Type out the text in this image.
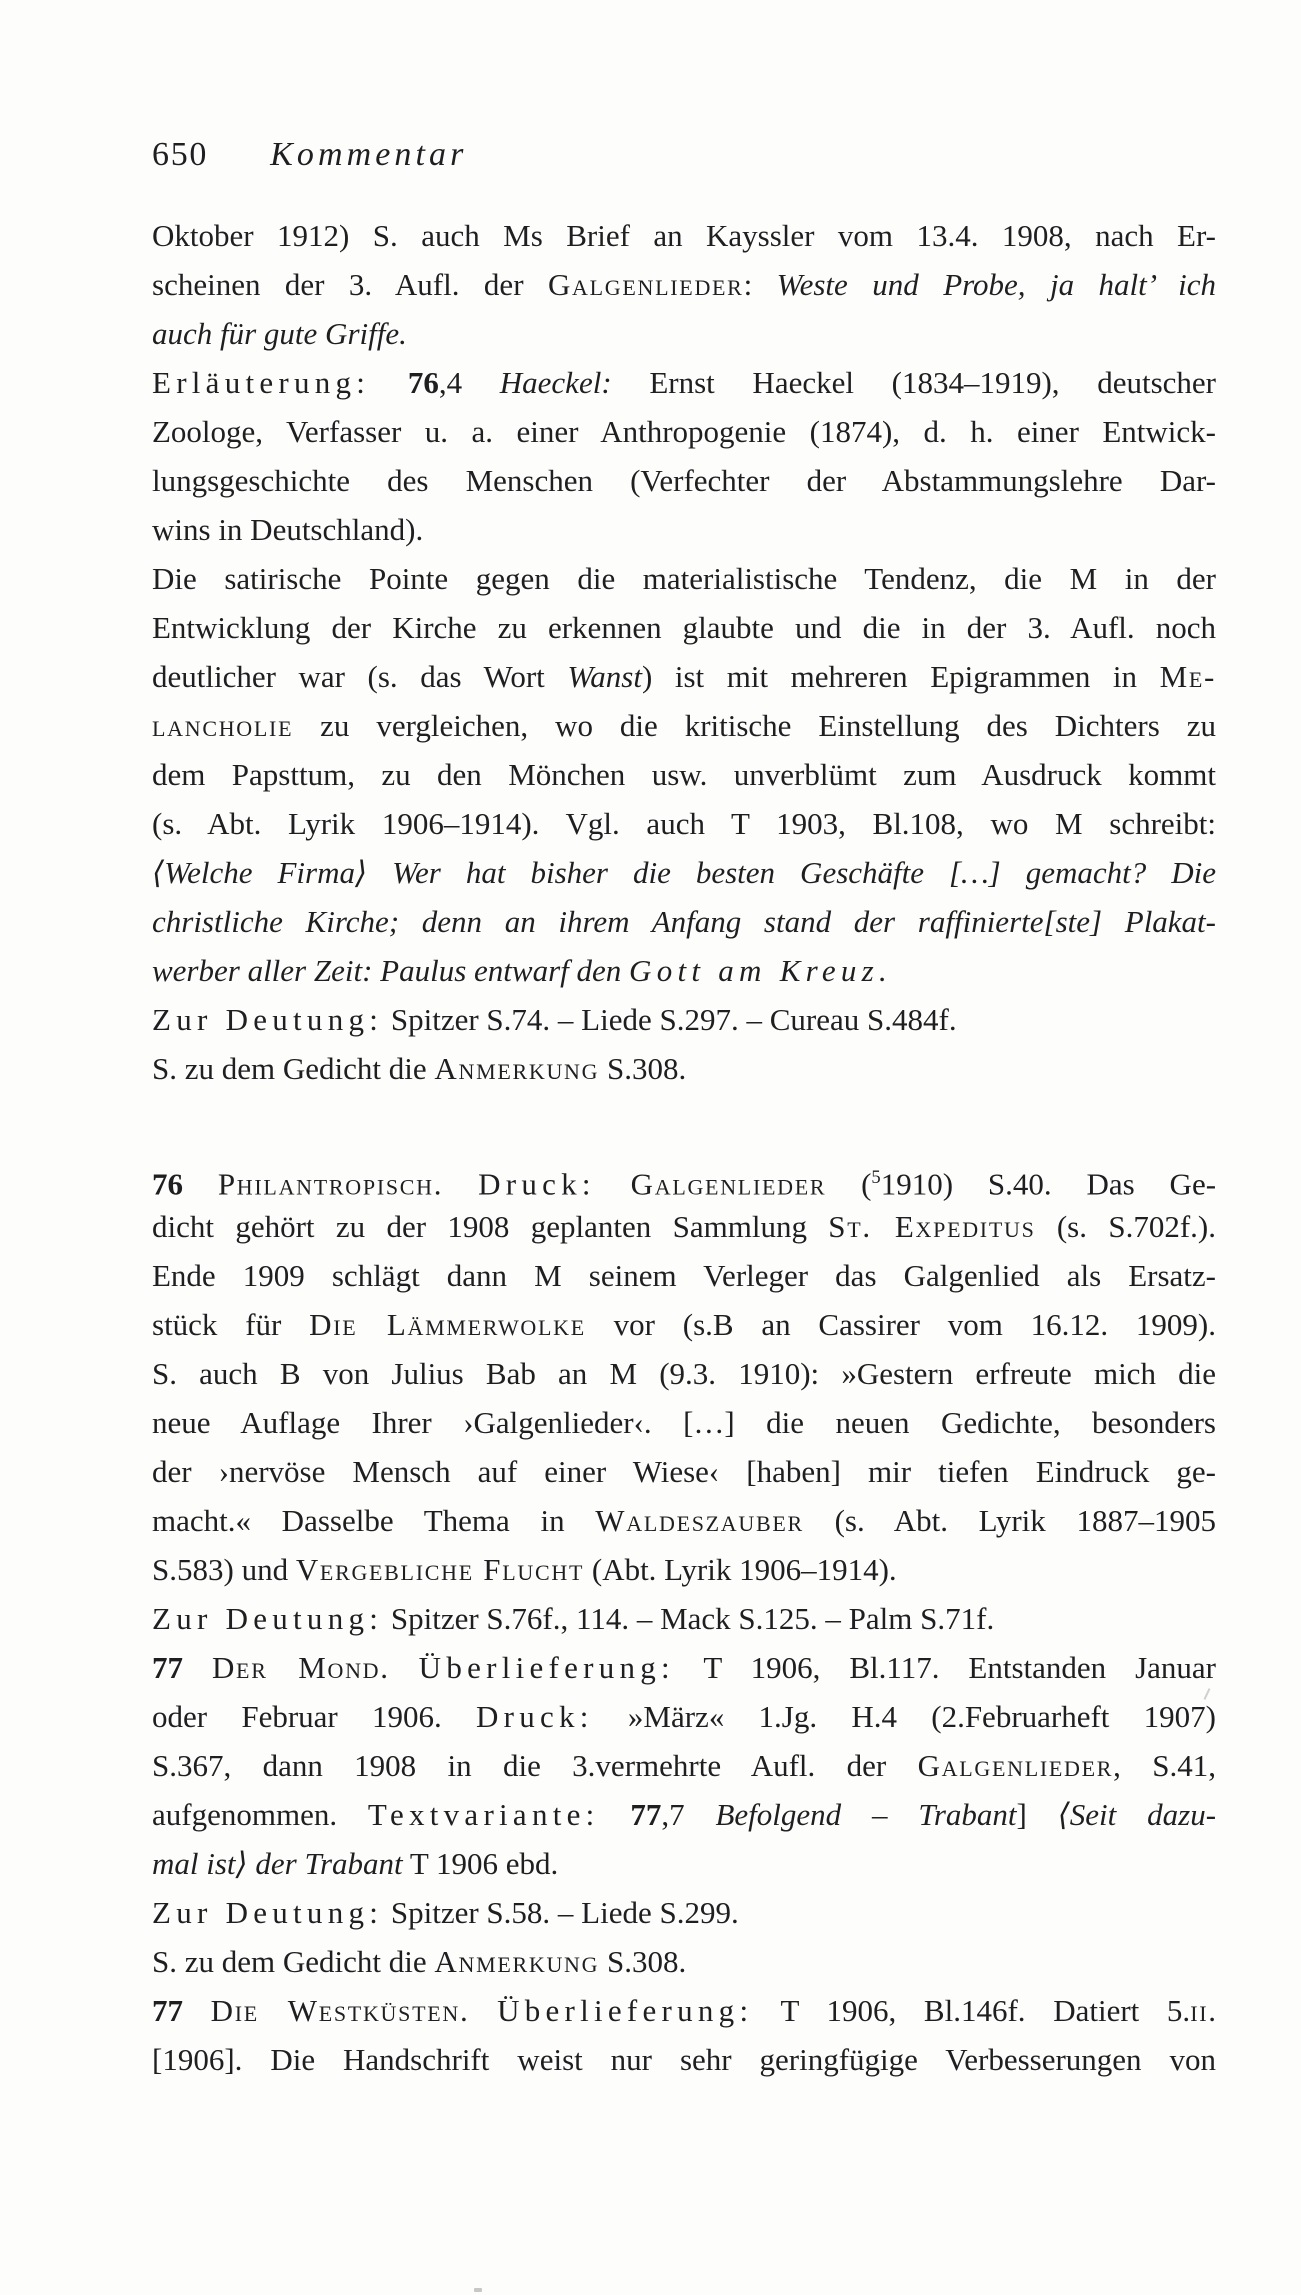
650 Kommentar
Oktober 1912) S. auch Ms Brief an Kayssler vom 13.4. 1908, nach Er-
scheinen der 3. Aufl. der Galgenlieder: Weste und Probe, ja halt’ ich
auch für gute Griffe.
Erläuterung: 76,4 Haeckel: Ernst Haeckel (1834–1919), deutscher
Zoologe, Verfasser u. a. einer Anthropogenie (1874), d. h. einer Entwick-
lungsgeschichte des Menschen (Verfechter der Abstammungslehre Dar-
wins in Deutschland).
Die satirische Pointe gegen die materialistische Tendenz, die M in der
Entwicklung der Kirche zu erkennen glaubte und die in der 3. Aufl. noch
deutlicher war (s. das Wort Wanst) ist mit mehreren Epigrammen in Me-
lancholie zu vergleichen, wo die kritische Einstellung des Dichters zu
dem Papsttum, zu den Mönchen usw. unverblümt zum Ausdruck kommt
(s. Abt. Lyrik 1906–1914). Vgl. auch T 1903, Bl.108, wo M schreibt:
⟨Welche Firma⟩ Wer hat bisher die besten Geschäfte […] gemacht? Die
christliche Kirche; denn an ihrem Anfang stand der raffinierte[ste] Plakat-
werber aller Zeit: Paulus entwarf den Gott am Kreuz.
Zur Deutung: Spitzer S.74. – Liede S.297. – Cureau S.484f.
S. zu dem Gedicht die Anmerkung S.308.
76 Philantropisch. Druck: Galgenlieder ($^5$1910) S.40. Das Ge-
dicht gehört zu der 1908 geplanten Sammlung St. Expeditus (s. S.702f.).
Ende 1909 schlägt dann M seinem Verleger das Galgenlied als Ersatz-
stück für Die Lämmerwolke vor (s.B an Cassirer vom 16.12. 1909).
S. auch B von Julius Bab an M (9.3. 1910): »Gestern erfreute mich die
neue Auflage Ihrer ›Galgenlieder‹. […] die neuen Gedichte, besonders
der ›nervöse Mensch auf einer Wiese‹ [haben] mir tiefen Eindruck ge-
macht.« Dasselbe Thema in Waldeszauber (s. Abt. Lyrik 1887–1905
S.583) und Vergebliche Flucht (Abt. Lyrik 1906–1914).
Zur Deutung: Spitzer S.76f., 114. – Mack S.125. – Palm S.71f.
77 Der Mond. Überlieferung: T 1906, Bl.117. Entstanden Januar
oder Februar 1906. Druck: »März« 1.Jg. H.4 (2.Februarheft 1907)
S.367, dann 1908 in die 3.vermehrte Aufl. der Galgenlieder, S.41,
aufgenommen. Textvariante: 77,7 Befolgend – Trabant] ⟨Seit dazu-
mal ist⟩ der Trabant T 1906 ebd.
Zur Deutung: Spitzer S.58. – Liede S.299.
S. zu dem Gedicht die Anmerkung S.308.
77 Die Westküsten. Überlieferung: T 1906, Bl.146f. Datiert 5.ii.
[1906]. Die Handschrift weist nur sehr geringfügige Verbesserungen von
